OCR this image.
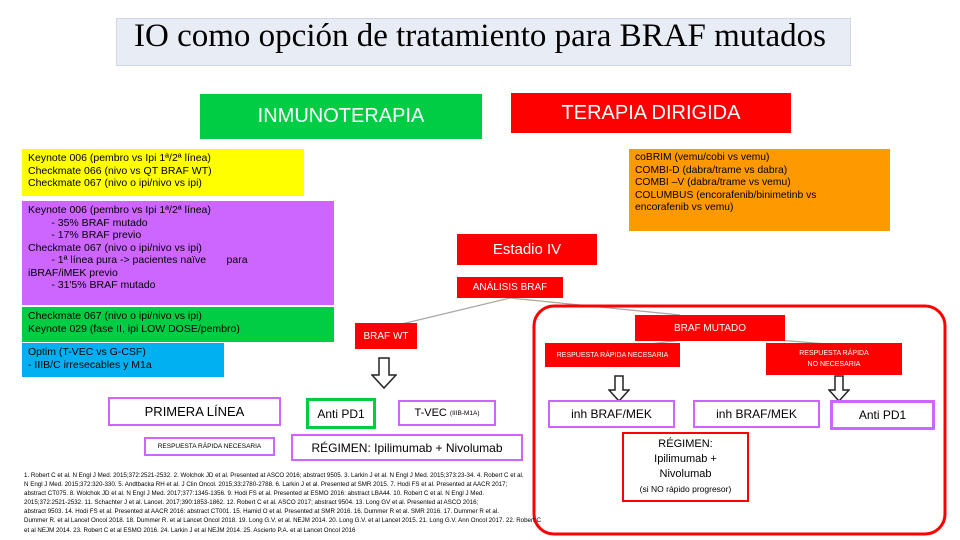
IO como opción de tratamiento para BRAF mutados
INMUNOTERAPIA	TERAPIA DIRIGIDA
Keynote 006 (pembro vs Ipi 1ª/2ª línea)
Checkmate 066 (nivo vs QT BRAF WT)
Checkmate 067 (nivo o ipi/nivo vs ipi)
Keynote 006 (pembro vs Ipi 1ª/2ª línea)
- 35% BRAF mutado
- 17% BRAF previo
Checkmate 067 (nivo o ipi/nivo vs ipi)
- 1ª línea pura -> pacientes naïve       para
iBRAF/iMEK previo
- 31'5% BRAF mutado
Checkmate 067 (nivo o ipi/nivo vs ipi)
Keynote 029 (fase II, ipi LOW DOSE/pembro)
Optim (T-VEC vs G-CSF)
- IIIB/C irresecables y M1a
coBRIM (vemu/cobi vs vemu)
COMBI-D (dabra/trame vs dabra)
COMBI –V (dabra/trame vs vemu)
COLUMBUS (encorafenib/binimetinb vs
encorafenib vs vemu)
Estadio IV
ANÁLISIS BRAF
BRAF WT
BRAF MUTADO
RESPUESTA RÁPIDA NECESARIA	RESPUESTA RÁPIDA
NO NECESARIA
PRIMERA LÍNEA
RESPUESTA RÁPIDA NECESARIA
Anti PD1	T-VEC
(IIIB-M1A)
RÉGIMEN: Ipilimumab + Nivolumab
inh BRAF/MEK	inh BRAF/MEK	Anti PD1
RÉGIMEN:
Ipilimumab +
Nivolumab
(si NO rápido progresor)
1. Robert C et al. N Engl J Med. 2015;372:2521-2532. 2. Wolchok JD et al. Presented at ASCO 2016; abstract 9505. 3. Larkin J et al. N Engl J Med. 2015;373:23-34. 4. Robert C et al.
N Engl J Med. 2015;372:320-330. 5. Andtbacka RH et al. J Clin Oncol. 2015;33:2780-2788. 6. Larkin J et al. Presented at SMR 2015. 7. Hodi FS et al. Presented at AACR 2017;
abstract CT075. 8. Wolchok JD et al. N Engl J Med. 2017;377:1345-1356. 9. Hodi FS et al. Presented at ESMO 2016: abstract LBA44. 10. Robert C et al. N Engl J Med.
2015;372:2521-2532. 11. Schachter J et al. Lancet. 2017;390:1853-1862. 12. Robert C et al. ASCO 2017; abstract 9504. 13. Long GV et al. Presented at ASCO 2016;
abstract 9503. 14. Hodi FS et al. Presented at AACR 2016: abstract CT001. 15. Hamid O et al. Presented at SMR 2016. 16. Dummer R et al. SMR 2016. 17. Dummer R et al.
Dummer R. et al Lancet Oncol 2018. 18. Dummer R. et al Lancet Oncol 2018. 19. Long G.V. et al. NEJM 2014. 20. Long G.V. et al Lancet 2015. 21. Long G.V. Ann Oncol 2017. 22. Robert C
et al NEJM 2014. 23. Robert C et al ESMO 2016. 24. Larkin J et al NEJM 2014. 25. Ascierto P.A. et al Lancet Oncol 2016
